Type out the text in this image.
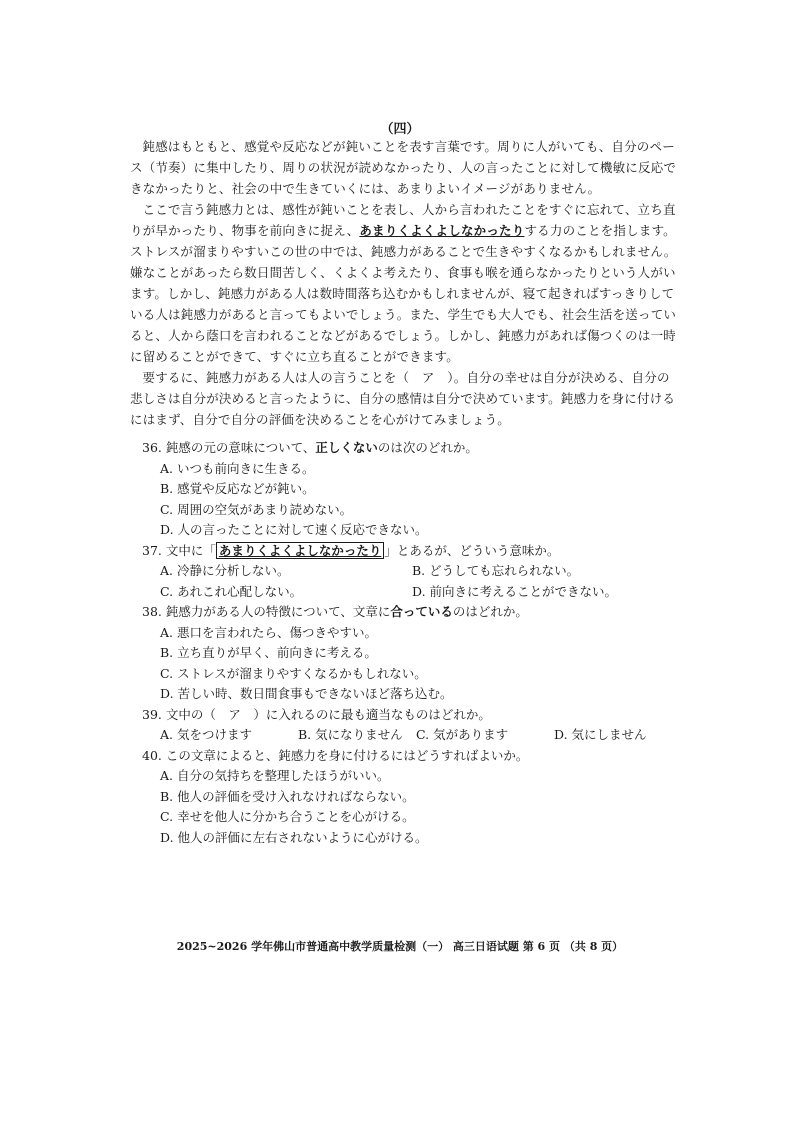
（四）

鈍感はもともと、感覚や反応などが鈍いことを表す言葉です。周りに人がいても、自分のペース（节奏）に集中したり、周りの状況が読めなかったり、人の言ったことに対して機敏に反応できなかったりと、社会の中で生きていくには、あまりよいイメージがありません。

ここで言う鈍感力とは、感性が鈍いことを表し、人から言われたことをすぐに忘れて、立ち直りが早かったり、物事を前向きに捉え、あまりくよくよしなかったりする力のことを指します。ストレスが溜まりやすいこの世の中では、鈍感力があることで生きやすくなるかもしれません。嫌なことがあったら数日間苦しく、くよくよ考えたり、食事も喉を通らなかったりという人がいます。しかし、鈍感力がある人は数時間落ち込むかもしれませんが、寝て起きればすっきりしている人は鈍感力があると言ってもよいでしょう。また、学生でも大人でも、社会生活を送っていると、人から蔭口を言われることなどがあるでしょう。しかし、鈍感力があれば傷つくのは一時に留めることができて、すぐに立ち直ることができます。

要するに、鈍感力がある人は人の言うことを（　ア　）。自分の幸せは自分が決める、自分の悲しさは自分が決めると言ったように、自分の感情は自分で決めています。鈍感力を身に付けるにはまず、自分で自分の評価を決めることを心がけてみましょう。

36. 鈍感の元の意味について、正しくないのは次のどれか。

A. いつも前向きに生きる。

B. 感覚や反応などが鈍い。

C. 周囲の空気があまり読めない。

D. 人の言ったことに対して速く反応できない。

37. 文中に「 あまりくよくよしなかったり 」とあるが、どういう意味か。

A. 冷静に分析しない。	B. どうしても忘れられない。
C. あれこれ心配しない。	D. 前向きに考えることができない。

38. 鈍感力がある人の特徴について、文章に合っているのはどれか。

A. 悪口を言われたら、傷つきやすい。

B. 立ち直りが早く、前向きに考える。

C. ストレスが溜まりやすくなるかもしれない。

D. 苦しい時、数日間食事もできないほど落ち込む。

39. 文中の（　ア　）に入れるのに最も適当なものはどれか。

A. 気をつけます	B. 気になりません	C. 気があります	D. 気にしません

40. この文章によると、鈍感力を身に付けるにはどうすればよいか。

A. 自分の気持ちを整理したほうがいい。

B. 他人の評価を受け入れなければならない。

C. 幸せを他人に分かち合うことを心がける。

D. 他人の評価に左右されないように心がける。

2025~2026 学年佛山市普通高中教学质量检测（一） 高三日语试题 第 6 页 （共 8 页）
